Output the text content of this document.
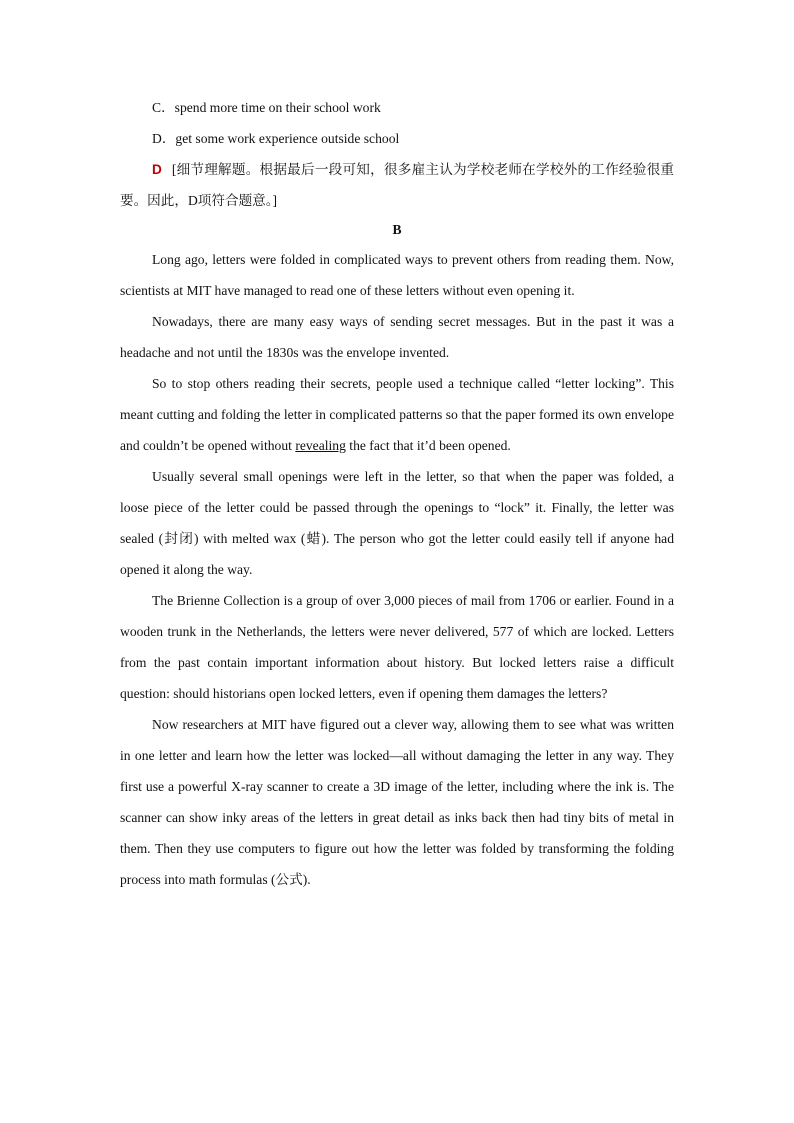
C．spend more time on their school work

D．get some work experience outside school

D [细节理解题。根据最后一段可知，很多雇主认为学校老师在学校外的工作经验很重要。因此，D项符合题意。]

B

Long ago, letters were folded in complicated ways to prevent others from reading them. Now, scientists at MIT have managed to read one of these letters without even opening it.

Nowadays, there are many easy ways of sending secret messages. But in the past it was a headache and not until the 1830s was the envelope invented.

So to stop others reading their secrets, people used a technique called “letter locking”. This meant cutting and folding the letter in complicated patterns so that the paper formed its own envelope and couldn’t be opened without revealing the fact that it’d been opened.

Usually several small openings were left in the letter, so that when the paper was folded, a loose piece of the letter could be passed through the openings to “lock” it. Finally, the letter was sealed (封闭) with melted wax (蜡). The person who got the letter could easily tell if anyone had opened it along the way.

The Brienne Collection is a group of over 3,000 pieces of mail from 1706 or earlier. Found in a wooden trunk in the Netherlands, the letters were never delivered, 577 of which are locked. Letters from the past contain important information about history. But locked letters raise a difficult question: should historians open locked letters, even if opening them damages the letters?

Now researchers at MIT have figured out a clever way, allowing them to see what was written in one letter and learn how the letter was locked—all without damaging the letter in any way. They first use a powerful X-ray scanner to create a 3D image of the letter, including where the ink is. The scanner can show inky areas of the letters in great detail as inks back then had tiny bits of metal in them. Then they use computers to figure out how the letter was folded by transforming the folding process into math formulas (公式).
